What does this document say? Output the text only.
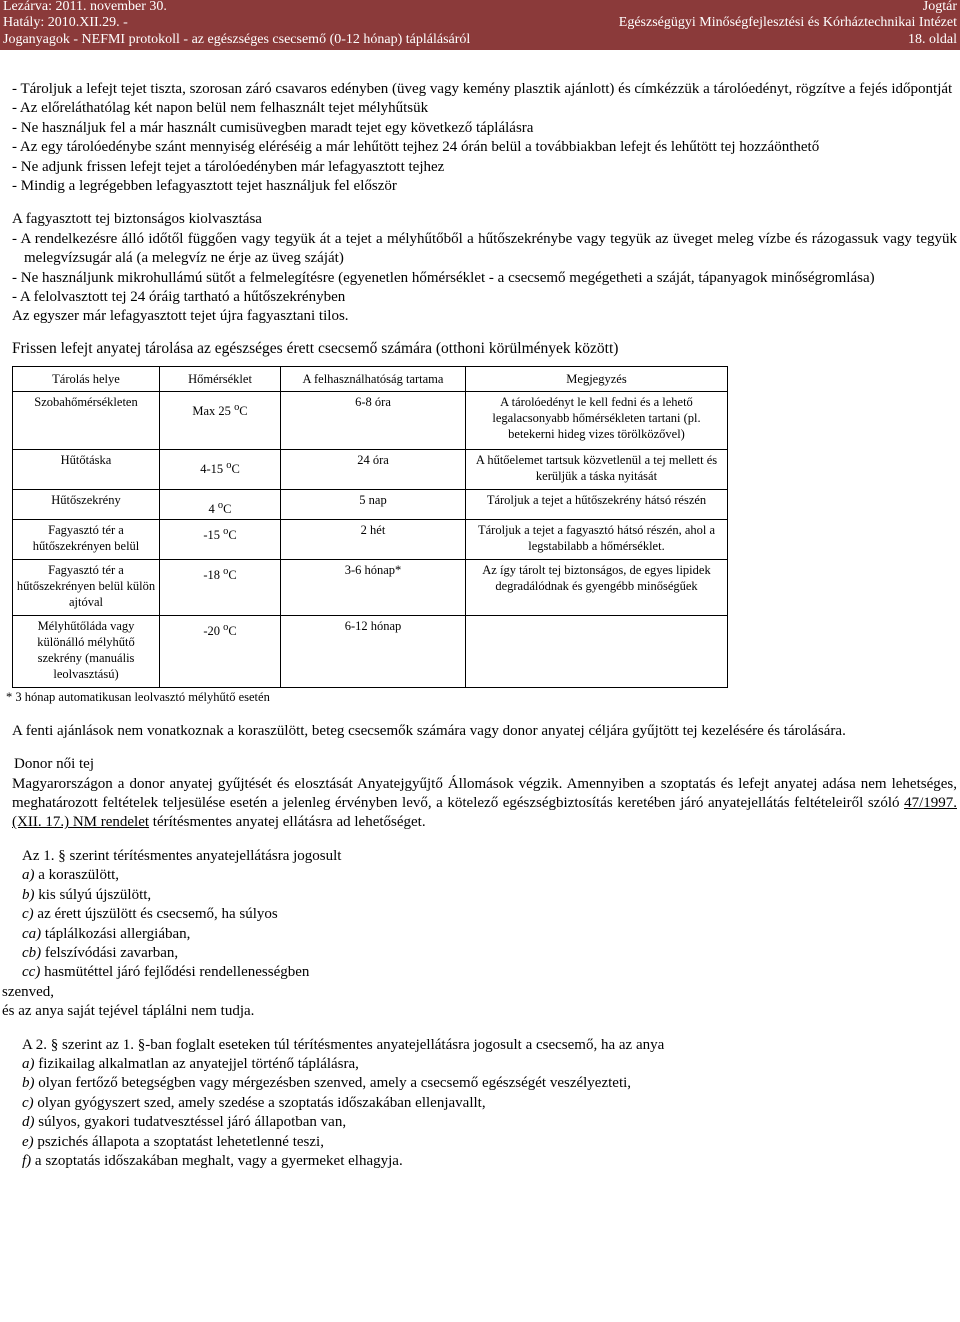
Lezárva: 2011. november 30.
Hatály: 2010.XII.29. -
Joganyagok - NEFMI protokoll - az egészséges csecsemő (0-12 hónap) táplálásáról
Jogtár
Egészségügyi Minőségfejlesztési és Kórháztechnikai Intézet
18. oldal

- Tároljuk a lefejt tejet tiszta, szorosan záró csavaros edényben (üveg vagy kemény plasztik ajánlott) és címkézzük a tárolóedényt, rögzítve a fejés időpontját

- Az előreláthatólag két napon belül nem felhasznált tejet mélyhűtsük

- Ne használjuk fel a már használt cumisüvegben maradt tejet egy következő táplálásra

- Az egy tárolóedénybe szánt mennyiség eléréséig a már lehűtött tejhez 24 órán belül a továbbiakban lefejt és lehűtött tej hozzáönthető

- Ne adjunk frissen lefejt tejet a tárolóedényben már lefagyasztott tejhez

- Mindig a legrégebben lefagyasztott tejet használjuk fel először

A fagyasztott tej biztonságos kiolvasztása

- A rendelkezésre álló időtől függően vagy tegyük át a tejet a mélyhűtőből a hűtőszekrénybe vagy tegyük az üveget meleg vízbe és rázogassuk vagy tegyük melegvízsugár alá (a melegvíz ne érje az üveg száját)

- Ne használjunk mikrohullámú sütőt a felmelegítésre (egyenetlen hőmérséklet - a csecsemő megégetheti a száját, tápanyagok minőségromlása)

- A felolvasztott tej 24 óráig tartható a hűtőszekrényben

Az egyszer már lefagyasztott tejet újra fagyasztani tilos.

Frissen lefejt anyatej tárolása az egészséges érett csecsemő számára (otthoni körülmények között)

Tárolás helye	Hőmérséklet	A felhasználhatóság tartama	Megjegyzés
Szobahőmérsékleten	Max 25 $^o$C	6-8 óra	A tárolóedényt le kell fedni és a lehető legalacsonyabb hőmérsékleten tartani (pl. betekerni hideg vizes törölközővel)
Hűtőtáska	4-15 $^o$C	24 óra	A hűtőelemet tartsuk közvetlenül a tej mellett és kerüljük a táska nyitását
Hűtőszekrény	4 $^o$C	5 nap	Tároljuk a tejet a hűtőszekrény hátsó részén
Fagyasztó tér a hűtőszekrényen belül	-15 $^o$C	2 hét	Tároljuk a tejet a fagyasztó hátsó részén, ahol a legstabilabb a hőmérséklet.
Fagyasztó tér a hűtőszekrényen belül külön ajtóval	-18 $^o$C	3-6 hónap*	Az így tárolt tej biztonságos, de egyes lipidek degradálódnak és gyengébb minőségűek
Mélyhűtőláda vagy különálló mélyhűtő szekrény (manuális leolvasztású)	-20 $^o$C	6-12 hónap	

* 3 hónap automatikusan leolvasztó mélyhűtő esetén

A fenti ajánlások nem vonatkoznak a koraszülött, beteg csecsemők számára vagy donor anyatej céljára gyűjtött tej kezelésére és tárolására.

Donor női tej

Magyarországon a donor anyatej gyűjtését és elosztását Anyatejgyűjtő Állomások végzik. Amennyiben a szoptatás és lefejt anyatej adása nem lehetséges, meghatározott feltételek teljesülése esetén a jelenleg érvényben levő, a kötelező egészségbiztosítás keretében járó anyatejellátás feltételeiről szóló 47/1997. (XII. 17.) NM rendelet térítésmentes anyatej ellátásra ad lehetőséget.

Az 1. § szerint térítésmentes anyatejellátásra jogosult

a) a koraszülött,

b) kis súlyú újszülött,

c) az érett újszülött és csecsemő, ha súlyos

ca) táplálkozási allergiában,

cb) felszívódási zavarban,

cc) hasmütéttel járó fejlődési rendellenességben

szenved,

és az anya saját tejével táplálni nem tudja.

A 2. § szerint az 1. §-ban foglalt eseteken túl térítésmentes anyatejellátásra jogosult a csecsemő, ha az anya

a) fizikailag alkalmatlan az anyatejjel történő táplálásra,

b) olyan fertőző betegségben vagy mérgezésben szenved, amely a csecsemő egészségét veszélyezteti,

c) olyan gyógyszert szed, amely szedése a szoptatás időszakában ellenjavallt,

d) súlyos, gyakori tudatvesztéssel járó állapotban van,

e) pszichés állapota a szoptatást lehetetlenné teszi,

f) a szoptatás időszakában meghalt, vagy a gyermeket elhagyja.
